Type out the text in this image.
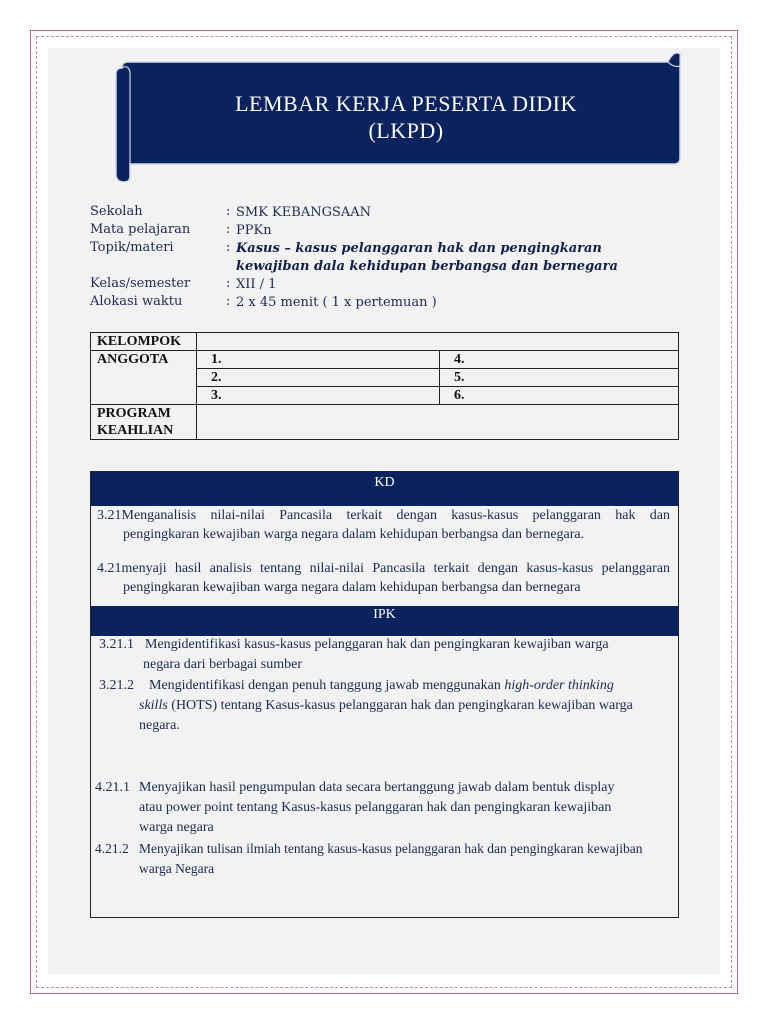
LEMBAR KERJA PESERTA DIDIK
(LKPD)
Sekolah	: SMK KEBANGSAAN
Mata pelajaran	: PPKn
Topik/materi	: Kasus – kasus pelanggaran hak dan pengingkaran
kewajiban dala kehidupan berbangsa dan bernegara
Kelas/semester	: XII / 1
Alokasi waktu	: 2 x 45 menit ( 1 x pertemuan )
KELOMPOK		
ANGGOTA	1.	4.
	2.	5.
	3.	6.

PROGRAM
KEAHLIAN		

KD
3.21Menganalisis nilai-nilai Pancasila terkait dengan kasus-kasus pelanggaran hak dan
pengingkaran kewajiban warga negara dalam kehidupan berbangsa dan bernegara.
4.21menyaji hasil analisis tentang nilai-nilai Pancasila terkait dengan kasus-kasus pelanggaran
pengingkaran kewajiban warga negara dalam kehidupan berbangsa dan bernegara
IPK
3.21.1 Mengidentifikasi kasus-kasus pelanggaran hak dan pengingkaran kewajiban warga
negara dari berbagai sumber
3.21.2	Mengidentifikasi dengan penuh tanggung jawab menggunakan high-order thinking
skills (HOTS) tentang Kasus-kasus pelanggaran hak dan pengingkaran kewajiban warga
negara.
4.21.1 Menyajikan hasil pengumpulan data secara bertanggung jawab dalam bentuk display
atau power point tentang Kasus-kasus pelanggaran hak dan pengingkaran kewajiban
warga negara
4.21.2 Menyajikan tulisan ilmiah tentang kasus-kasus pelanggaran hak dan pengingkaran kewajiban
warga Negara
